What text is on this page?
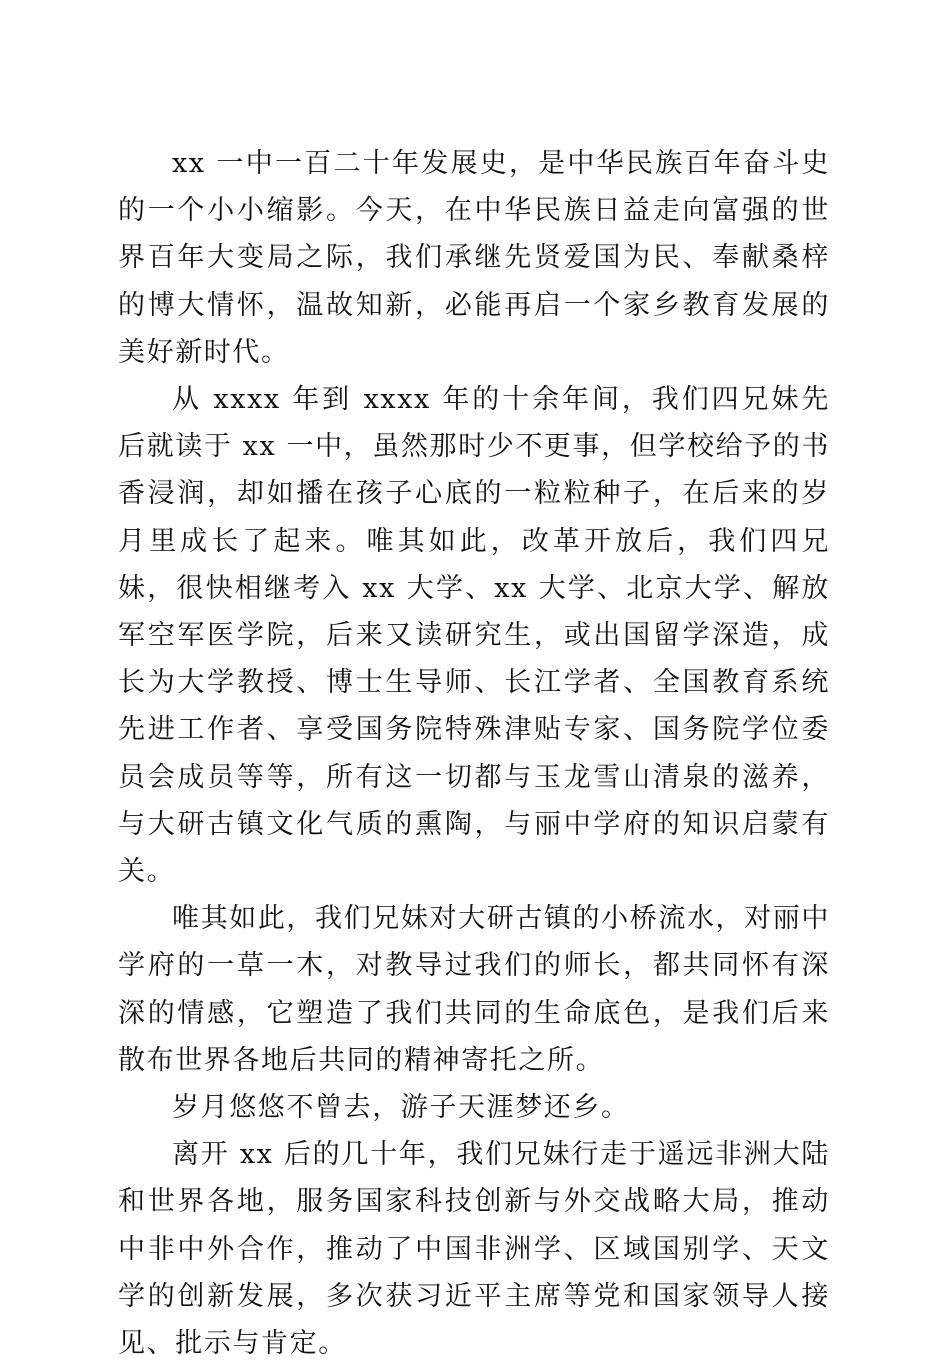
xx 一中一百二十年发展史，是中华民族百年奋斗史的一个小小缩影。今天，在中华民族日益走向富强的世界百年大变局之际，我们承继先贤爱国为民、奉献桑梓的博大情怀，温故知新，必能再启一个家乡教育发展的美好新时代。

从 xxxx 年到 xxxx 年的十余年间，我们四兄妹先后就读于 xx 一中，虽然那时少不更事，但学校给予的书香浸润，却如播在孩子心底的一粒粒种子，在后来的岁月里成长了起来。唯其如此，改革开放后，我们四兄妹，很快相继考入 xx 大学、xx 大学、北京大学、解放军空军医学院，后来又读研究生，或出国留学深造，成长为大学教授、博士生导师、长江学者、全国教育系统先进工作者、享受国务院特殊津贴专家、国务院学位委员会成员等等，所有这一切都与玉龙雪山清泉的滋养，与大研古镇文化气质的熏陶，与丽中学府的知识启蒙有关。

唯其如此，我们兄妹对大研古镇的小桥流水，对丽中学府的一草一木，对教导过我们的师长，都共同怀有深深的情感，它塑造了我们共同的生命底色，是我们后来散布世界各地后共同的精神寄托之所。

岁月悠悠不曾去，游子天涯梦还乡。

离开 xx 后的几十年，我们兄妹行走于遥远非洲大陆和世界各地，服务国家科技创新与外交战略大局，推动中非中外合作，推动了中国非洲学、区域国别学、天文学的创新发展，多次获习近平主席等党和国家领导人接见、批示与肯定。
